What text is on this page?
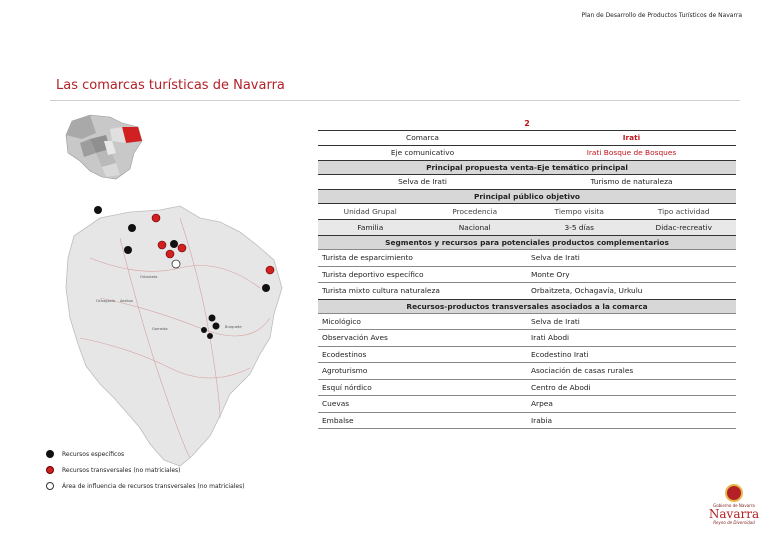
Plan de Desarrollo de Productos Turísticos de Navarra
Las comarcas turísticas de Navarra
Orbaizeta
Ochagavía Aezkoa
Garralda	Burguete
Recursos específicos
Recursos transversales (no matriciales)
Área de influencia de recursos transversales (no matriciales)
2
Comarca	Irati
Eje comunicativo	Irati Bosque de Bosques
Principal propuesta venta-Eje temático principal
Selva de Irati	Turismo de naturaleza
Principal público objetivo
Unidad Grupal	Procedencia	Tiempo visita	Tipo actividad
Familia	Nacional	3-5 días	Didac-recreativ
Segmentos y recursos para potenciales productos complementarios
Turista de esparcimiento	Selva de Irati
Turista deportivo específico	Monte Ory
Turista mixto cultura naturaleza	Orbaitzeta, Ochagavía, Urkulu
Recursos-productos transversales asociados a la comarca
Micológico	Selva de Irati
Observación Aves	Irati Abodi
Ecodestinos	Ecodestino Irati
Agroturismo	Asociación de casas rurales
Esquí nórdico	Centro de Abodi
Cuevas	Arpea
Embalse	Irabia
Gobierno de Navarra
Navarra
Reyno de Diversidad
